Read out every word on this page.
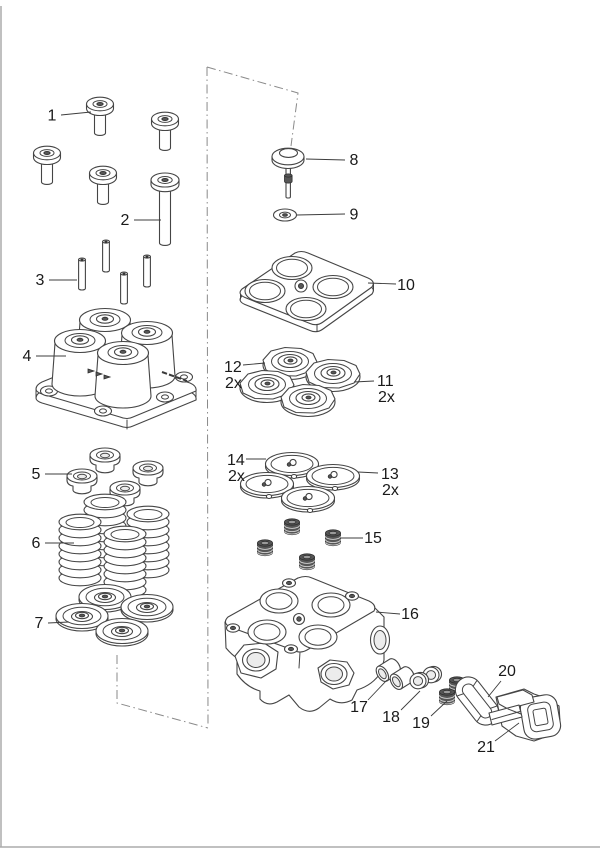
1
2
3
4
5
6
7
8
9
10
11
2x
12
2x
13
2x
14
2x
15
16
17
18 19
20
21
